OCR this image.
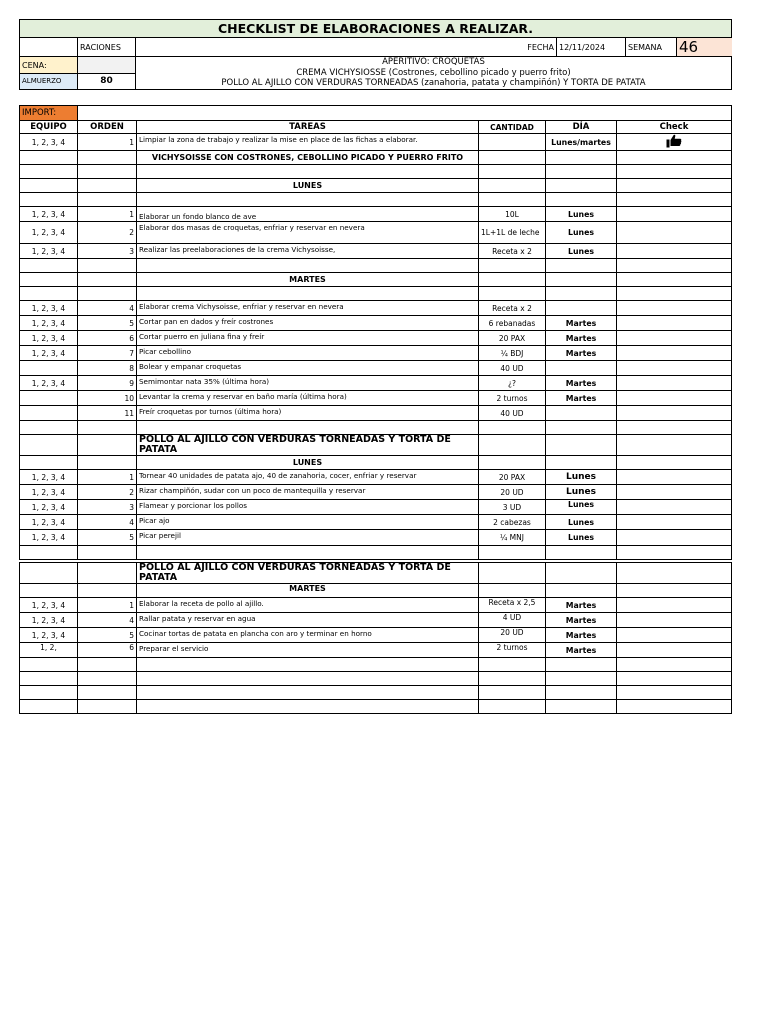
CHECKLIST DE ELABORACIONES A REALIZAR.
	RACIONES		FECHA	12/11/2024		SEMANA	46

CENA:		APERITIVO: CROQUETAS
CREMA VICHYSIOSSE (Costrones, cebollino picado y puerro frito)
POLLO AL AJILLO CON VERDURAS TORNEADAS (zanahoria, patata y champiñón) Y TORTA DE PATATA

ALMUERZO	80
IMPORT:					
EQUIPO	ORDEN	TAREAS	CANTIDAD	DÍA	Check
1, 2, 3, 4	1	Limpiar la zona de trabajo y realizar la mise en place de las fichas a elaborar.		Lunes/martes	
		VICHYSOISSE CON COSTRONES, CEBOLLINO PICADO Y PUERRO FRITO			

		LUNES			

1, 2, 3, 4	1	Elaborar un fondo blanco de ave	10L	Lunes	
1, 2, 3, 4	2	Elaborar dos masas de croquetas, enfriar y reservar en nevera	1L+1L de leche	Lunes	
1, 2, 3, 4	3	Realizar las preelaboraciones de la crema Vichysoisse,	Receta x 2	Lunes	

		MARTES			

1, 2, 3, 4	4	Elaborar crema Vichysoisse, enfriar y reservar en nevera	Receta x 2		
1, 2, 3, 4	5	Cortar pan en dados y freír costrones	6 rebanadas	Martes	
1, 2, 3, 4	6	Cortar puerro en juliana fina y freír	20 PAX	Martes	
1, 2, 3, 4	7	Picar cebollino	¼ BDJ	Martes	
	8	Bolear y empanar croquetas	40 UD		
1, 2, 3, 4	9	Semimontar nata 35% (última hora)	¿?	Martes	
	10	Levantar la crema y reservar en baño maría (última hora)	2 turnos	Martes	
	11	Freír croquetas por turnos (última hora)	40 UD		

		POLLO AL AJILLO CON VERDURAS TORNEADAS Y TORTA DE PATATA			
		LUNES			
1, 2, 3, 4	1	Tornear 40 unidades de patata ajo, 40 de zanahoria, cocer, enfriar y reservar	20 PAX	Lunes	
1, 2, 3, 4	2	Rizar champiñón, sudar con un poco de mantequilla y reservar	20 UD	Lunes	
1, 2, 3, 4	3	Flamear y porcionar los pollos	3 UD	Lunes	
1, 2, 3, 4	4	Picar ajo	2 cabezas	Lunes	
1, 2, 3, 4	5	Picar perejil	¼ MNJ	Lunes	

		POLLO AL AJILLO CON VERDURAS TORNEADAS Y TORTA DE PATATA			
		MARTES			
1, 2, 3, 4	1	Elaborar la receta de pollo al ajillo.	Receta x 2,5	Martes	
1, 2, 3, 4	4	Rallar patata y reservar en agua	4 UD	Martes	
1, 2, 3, 4	5	Cocinar tortas de patata en plancha con aro y terminar en horno	20 UD	Martes	
1, 2,	6	Preparar el servicio	2 turnos	Martes	
